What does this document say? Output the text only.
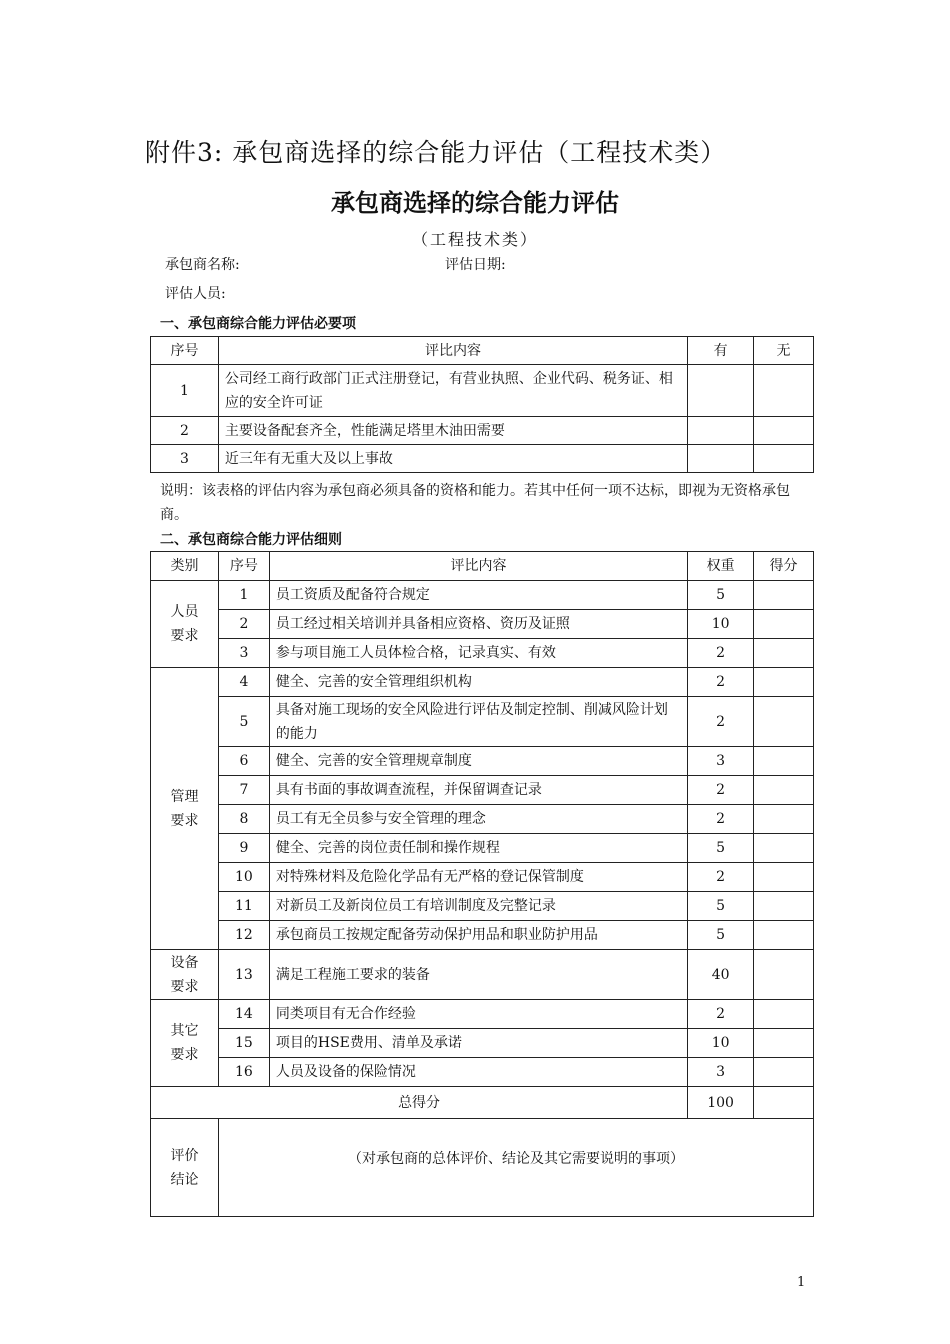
附件3: 承包商选择的综合能力评估（工程技术类）
承包商选择的综合能力评估
（工程技术类）
承包商名称:	评估日期:
评估人员:
一、承包商综合能力评估必要项
序号	评比内容	有	无
1	公司经工商行政部门正式注册登记，有营业执照、企业代码、税务证、相应的安全许可证		
2	主要设备配套齐全，性能满足塔里木油田需要		
3	近三年有无重大及以上事故		
说明：该表格的评估内容为承包商必须具备的资格和能力。若其中任何一项不达标，即视为无资格承包商。
二、承包商综合能力评估细则
类别	序号	评比内容	权重	得分
人员要求	1	员工资质及配备符合规定	5	
	2	员工经过相关培训并具备相应资格、资历及证照	10	
	3	参与项目施工人员体检合格，记录真实、有效	2	
管理要求	4	健全、完善的安全管理组织机构	2	
	5	具备对施工现场的安全风险进行评估及制定控制、削减风险计划的能力	2	
	6	健全、完善的安全管理规章制度	3	
	7	具有书面的事故调查流程，并保留调查记录	2	
	8	员工有无全员参与安全管理的理念	2	
	9	健全、完善的岗位责任制和操作规程	5	
	10	对特殊材料及危险化学品有无严格的登记保管制度	2	
	11	对新员工及新岗位员工有培训制度及完整记录	5	
	12	承包商员工按规定配备劳动保护用品和职业防护用品	5	
设备要求	13	满足工程施工要求的装备	40	
其它要求	14	同类项目有无合作经验	2	
	15	项目的HSE费用、清单及承诺	10	
	16	人员及设备的保险情况	3	
总得分			100	
评价结论	（对承包商的总体评价、结论及其它需要说明的事项）			
1
